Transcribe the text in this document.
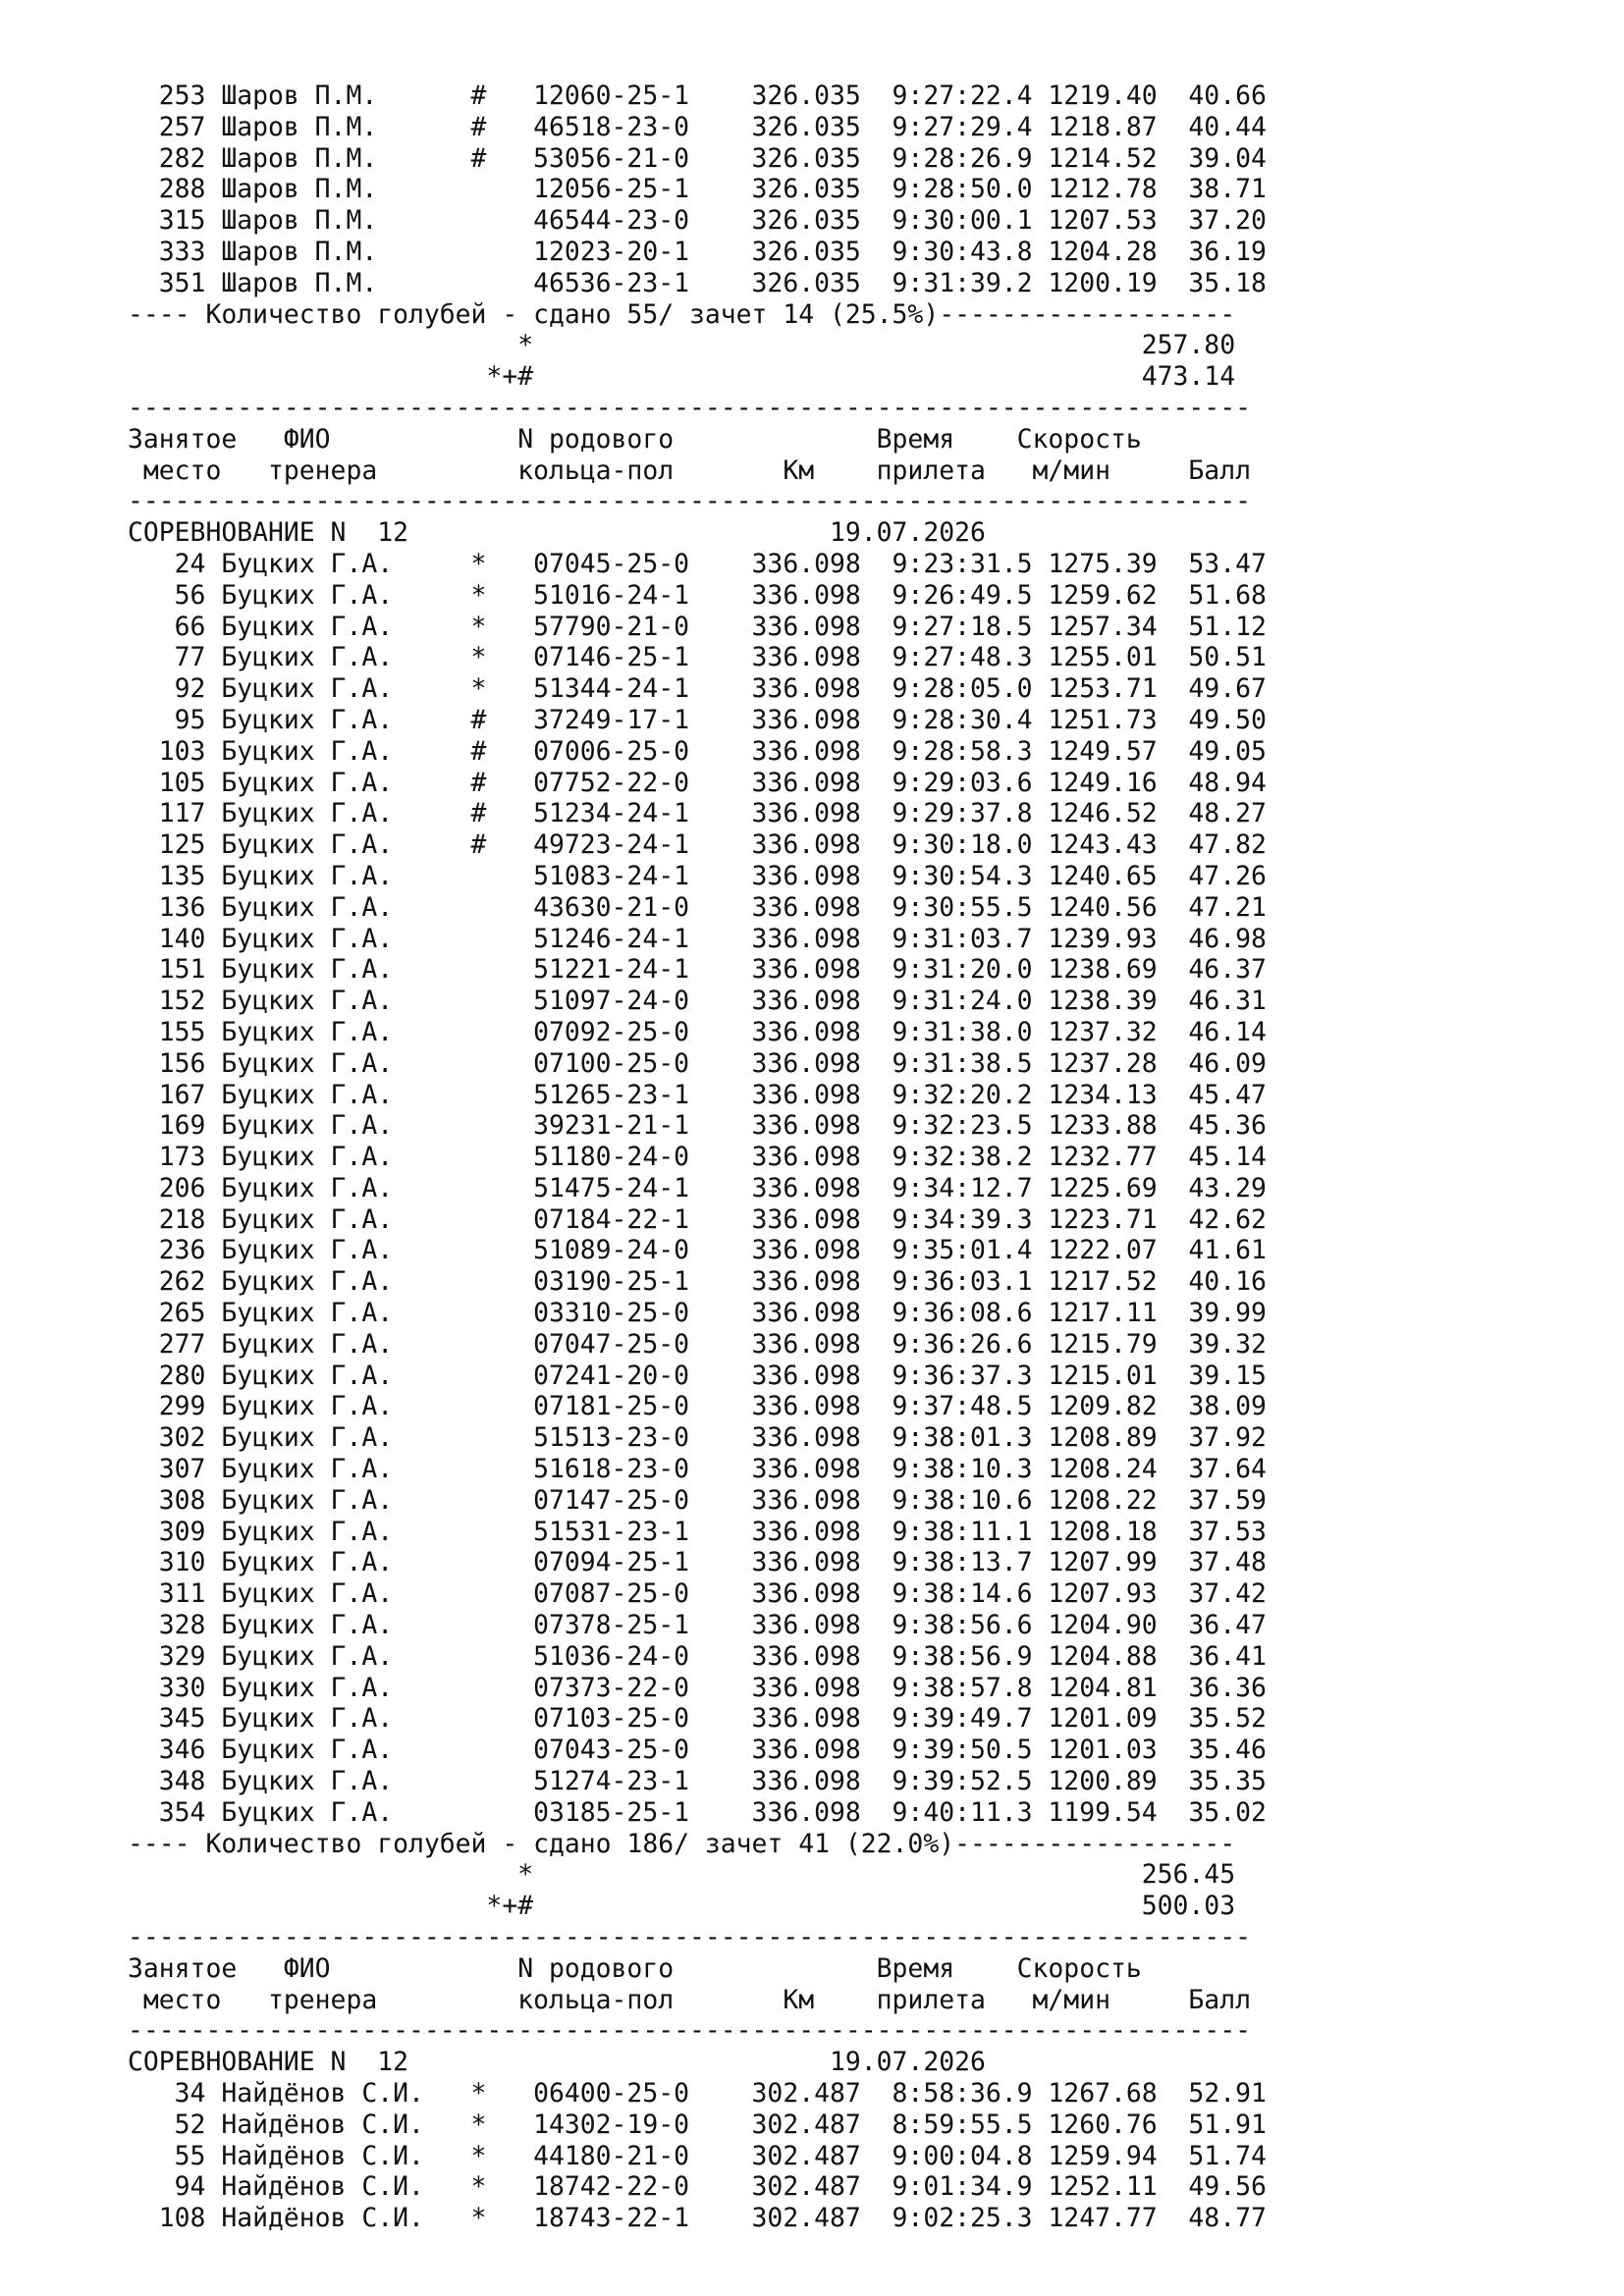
253 Шаров П.М.      #   12060-25-1    326.035  9:27:22.4 1219.40  40.66
257 Шаров П.М.      #   46518-23-0    326.035  9:27:29.4 1218.87  40.44
282 Шаров П.М.      #   53056-21-0    326.035  9:28:26.9 1214.52  39.04
288 Шаров П.М.          12056-25-1    326.035  9:28:50.0 1212.78  38.71
315 Шаров П.М.          46544-23-0    326.035  9:30:00.1 1207.53  37.20
333 Шаров П.М.          12023-20-1    326.035  9:30:43.8 1204.28  36.19
351 Шаров П.М.          46536-23-1    326.035  9:31:39.2 1200.19  35.18
---- Количество голубей - сдано 55/ зачет 14 (25.5%)-------------------
*                                       257.80
*+#                                       473.14
------------------------------------------------------------------------
Занятое   ФИО            N родового             Время    Скорость
место   тренера         кольца-пол       Км    прилета   м/мин     Балл
------------------------------------------------------------------------
СОРЕВНОВАНИЕ N  12                           19.07.2026
24 Буцких Г.А.     *   07045-25-0    336.098  9:23:31.5 1275.39  53.47
56 Буцких Г.А.     *   51016-24-1    336.098  9:26:49.5 1259.62  51.68
66 Буцких Г.А.     *   57790-21-0    336.098  9:27:18.5 1257.34  51.12
77 Буцких Г.А.     *   07146-25-1    336.098  9:27:48.3 1255.01  50.51
92 Буцких Г.А.     *   51344-24-1    336.098  9:28:05.0 1253.71  49.67
95 Буцких Г.А.     #   37249-17-1    336.098  9:28:30.4 1251.73  49.50
103 Буцких Г.А.     #   07006-25-0    336.098  9:28:58.3 1249.57  49.05
105 Буцких Г.А.     #   07752-22-0    336.098  9:29:03.6 1249.16  48.94
117 Буцких Г.А.     #   51234-24-1    336.098  9:29:37.8 1246.52  48.27
125 Буцких Г.А.     #   49723-24-1    336.098  9:30:18.0 1243.43  47.82
135 Буцких Г.А.         51083-24-1    336.098  9:30:54.3 1240.65  47.26
136 Буцких Г.А.         43630-21-0    336.098  9:30:55.5 1240.56  47.21
140 Буцких Г.А.         51246-24-1    336.098  9:31:03.7 1239.93  46.98
151 Буцких Г.А.         51221-24-1    336.098  9:31:20.0 1238.69  46.37
152 Буцких Г.А.         51097-24-0    336.098  9:31:24.0 1238.39  46.31
155 Буцких Г.А.         07092-25-0    336.098  9:31:38.0 1237.32  46.14
156 Буцких Г.А.         07100-25-0    336.098  9:31:38.5 1237.28  46.09
167 Буцких Г.А.         51265-23-1    336.098  9:32:20.2 1234.13  45.47
169 Буцких Г.А.         39231-21-1    336.098  9:32:23.5 1233.88  45.36
173 Буцких Г.А.         51180-24-0    336.098  9:32:38.2 1232.77  45.14
206 Буцких Г.А.         51475-24-1    336.098  9:34:12.7 1225.69  43.29
218 Буцких Г.А.         07184-22-1    336.098  9:34:39.3 1223.71  42.62
236 Буцких Г.А.         51089-24-0    336.098  9:35:01.4 1222.07  41.61
262 Буцких Г.А.         03190-25-1    336.098  9:36:03.1 1217.52  40.16
265 Буцких Г.А.         03310-25-0    336.098  9:36:08.6 1217.11  39.99
277 Буцких Г.А.         07047-25-0    336.098  9:36:26.6 1215.79  39.32
280 Буцких Г.А.         07241-20-0    336.098  9:36:37.3 1215.01  39.15
299 Буцких Г.А.         07181-25-0    336.098  9:37:48.5 1209.82  38.09
302 Буцких Г.А.         51513-23-0    336.098  9:38:01.3 1208.89  37.92
307 Буцких Г.А.         51618-23-0    336.098  9:38:10.3 1208.24  37.64
308 Буцких Г.А.         07147-25-0    336.098  9:38:10.6 1208.22  37.59
309 Буцких Г.А.         51531-23-1    336.098  9:38:11.1 1208.18  37.53
310 Буцких Г.А.         07094-25-1    336.098  9:38:13.7 1207.99  37.48
311 Буцких Г.А.         07087-25-0    336.098  9:38:14.6 1207.93  37.42
328 Буцких Г.А.         07378-25-1    336.098  9:38:56.6 1204.90  36.47
329 Буцких Г.А.         51036-24-0    336.098  9:38:56.9 1204.88  36.41
330 Буцких Г.А.         07373-22-0    336.098  9:38:57.8 1204.81  36.36
345 Буцких Г.А.         07103-25-0    336.098  9:39:49.7 1201.09  35.52
346 Буцких Г.А.         07043-25-0    336.098  9:39:50.5 1201.03  35.46
348 Буцких Г.А.         51274-23-1    336.098  9:39:52.5 1200.89  35.35
354 Буцких Г.А.         03185-25-1    336.098  9:40:11.3 1199.54  35.02
---- Количество голубей - сдано 186/ зачет 41 (22.0%)------------------
*                                       256.45
*+#                                       500.03
------------------------------------------------------------------------
Занятое   ФИО            N родового             Время    Скорость
место   тренера         кольца-пол       Км    прилета   м/мин     Балл
------------------------------------------------------------------------
СОРЕВНОВАНИЕ N  12                           19.07.2026
34 Найдёнов С.И.   *   06400-25-0    302.487  8:58:36.9 1267.68  52.91
52 Найдёнов С.И.   *   14302-19-0    302.487  8:59:55.5 1260.76  51.91
55 Найдёнов С.И.   *   44180-21-0    302.487  9:00:04.8 1259.94  51.74
94 Найдёнов С.И.   *   18742-22-0    302.487  9:01:34.9 1252.11  49.56
108 Найдёнов С.И.   *   18743-22-1    302.487  9:02:25.3 1247.77  48.77
